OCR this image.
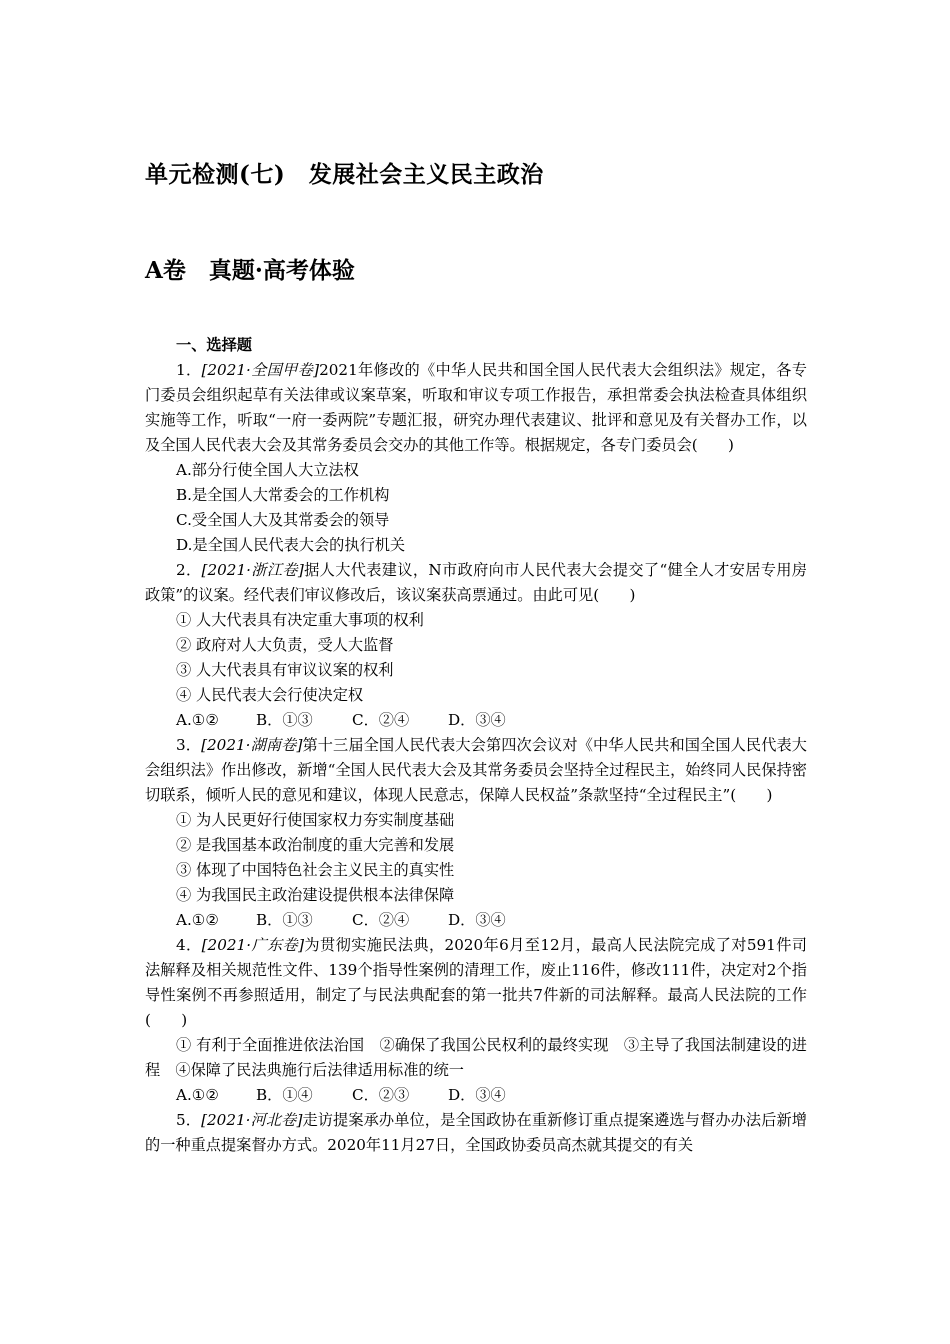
单元检测(七)　发展社会主义民主政治
A卷　真题·高考体验

一、选择题

1．[2021·全国甲卷]2021年修改的《中华人民共和国全国人民代表大会组织法》规定，各专门委员会组织起草有关法律或议案草案，听取和审议专项工作报告，承担常委会执法检查具体组织实施等工作，听取“一府一委两院”专题汇报，研究办理代表建议、批评和意见及有关督办工作，以及全国人民代表大会及其常务委员会交办的其他工作等。根据规定，各专门委员会(　　)

A.部分行使全国人大立法权

B.是全国人大常委会的工作机构

C.受全国人大及其常委会的领导

D.是全国人民代表大会的执行机关

2．[2021·浙江卷]据人大代表建议，N市政府向市人民代表大会提交了“健全人才安居专用房政策”的议案。经代表们审议修改后，该议案获高票通过。由此可见(　　)

① 人大代表具有决定重大事项的权利

② 政府对人大负责，受人大监督

③ 人大代表具有审议议案的权利

④ 人民代表大会行使决定权

A.①② B．①③	C．②④	D．③④

3．[2021·湖南卷]第十三届全国人民代表大会第四次会议对《中华人民共和国全国人民代表大会组织法》作出修改，新增“全国人民代表大会及其常务委员会坚持全过程民主，始终同人民保持密切联系，倾听人民的意见和建议，体现人民意志，保障人民权益”条款坚持“全过程民主”(　　)

① 为人民更好行使国家权力夯实制度基础

② 是我国基本政治制度的重大完善和发展

③ 体现了中国特色社会主义民主的真实性

④ 为我国民主政治建设提供根本法律保障

A.①② B．①③	C．②④	D．③④

4．[2021·广东卷]为贯彻实施民法典，2020年6月至12月，最高人民法院完成了对591件司法解释及相关规范性文件、139个指导性案例的清理工作，废止116件，修改111件，决定对2个指导性案例不再参照适用，制定了与民法典配套的第一批共7件新的司法解释。最高人民法院的工作(　　)

① 有利于全面推进依法治国　②确保了我国公民权利的最终实现　③主导了我国法制建设的进程　④保障了民法典施行后法律适用标准的统一

A.①② B．①④	C．②③	D．③④

5．[2021·河北卷]走访提案承办单位，是全国政协在重新修订重点提案遴选与督办办法后新增的一种重点提案督办方式。2020年11月27日，全国政协委员高杰就其提交的有关
